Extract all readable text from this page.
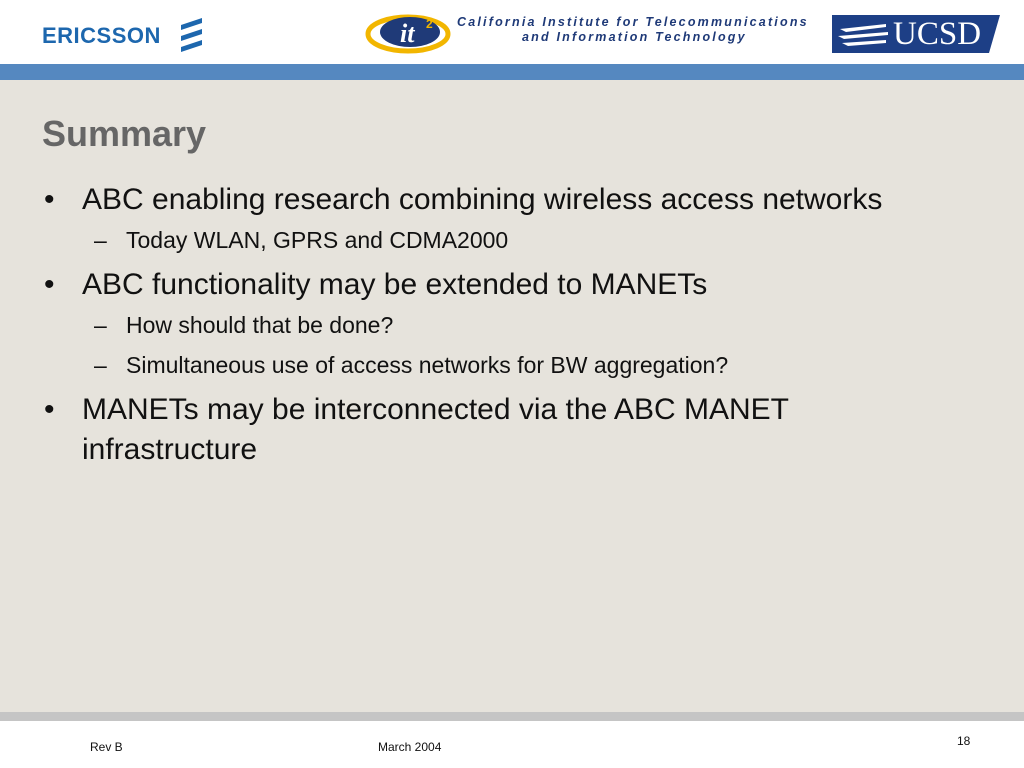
ERICSSON	it 2 California Institute for Telecommunications
and Information Technology	UCSD
Summary
• ABC enabling research combining wireless access networks
– Today WLAN, GPRS and CDMA2000
• ABC functionality may be extended to MANETs
– How should that be done?
– Simultaneous use of access networks for BW aggregation?
• MANETs may be interconnected via the ABC MANET infrastructure
Rev B	March 2004	18
